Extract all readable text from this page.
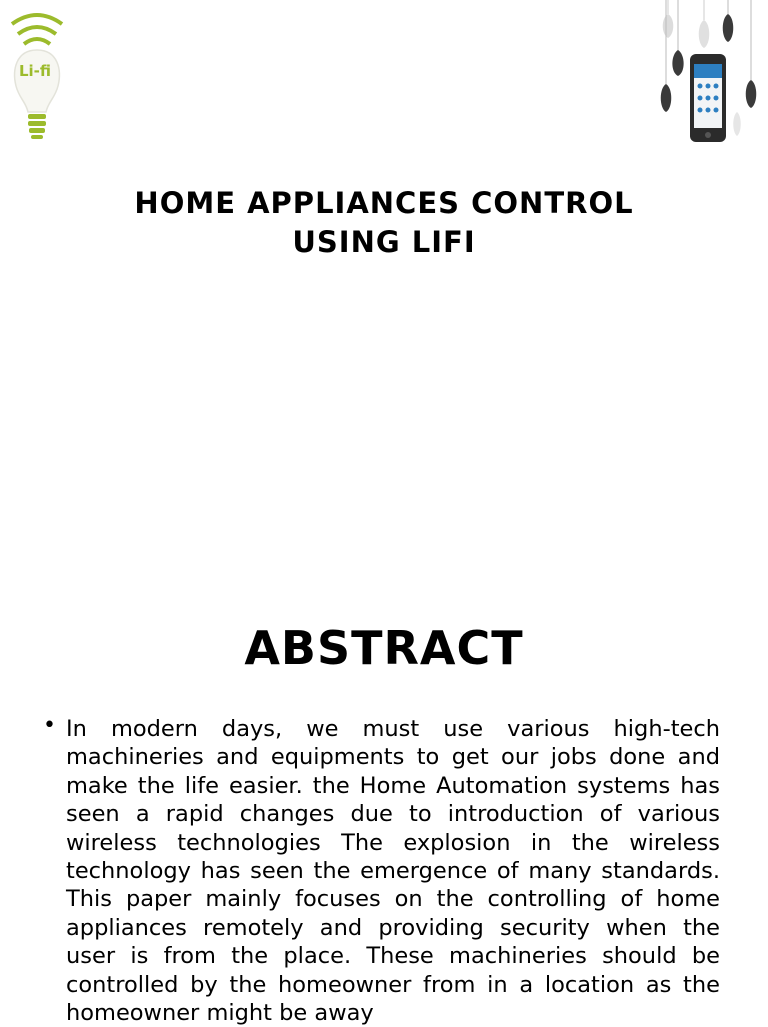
Li-fi
HOME APPLIANCES CONTROL
USING LIFI
ABSTRACT
• In modern days, we must use various high-tech machineries and equipments to get our jobs done and make the life easier. the Home Automation systems has seen a rapid changes due to introduction of various wireless technologies The explosion in the wireless technology has seen the emergence of many standards. This paper mainly focuses on the controlling of home appliances remotely and providing security when the user is from the place. These machineries should be controlled by the homeowner from in a location as the homeowner might be away
